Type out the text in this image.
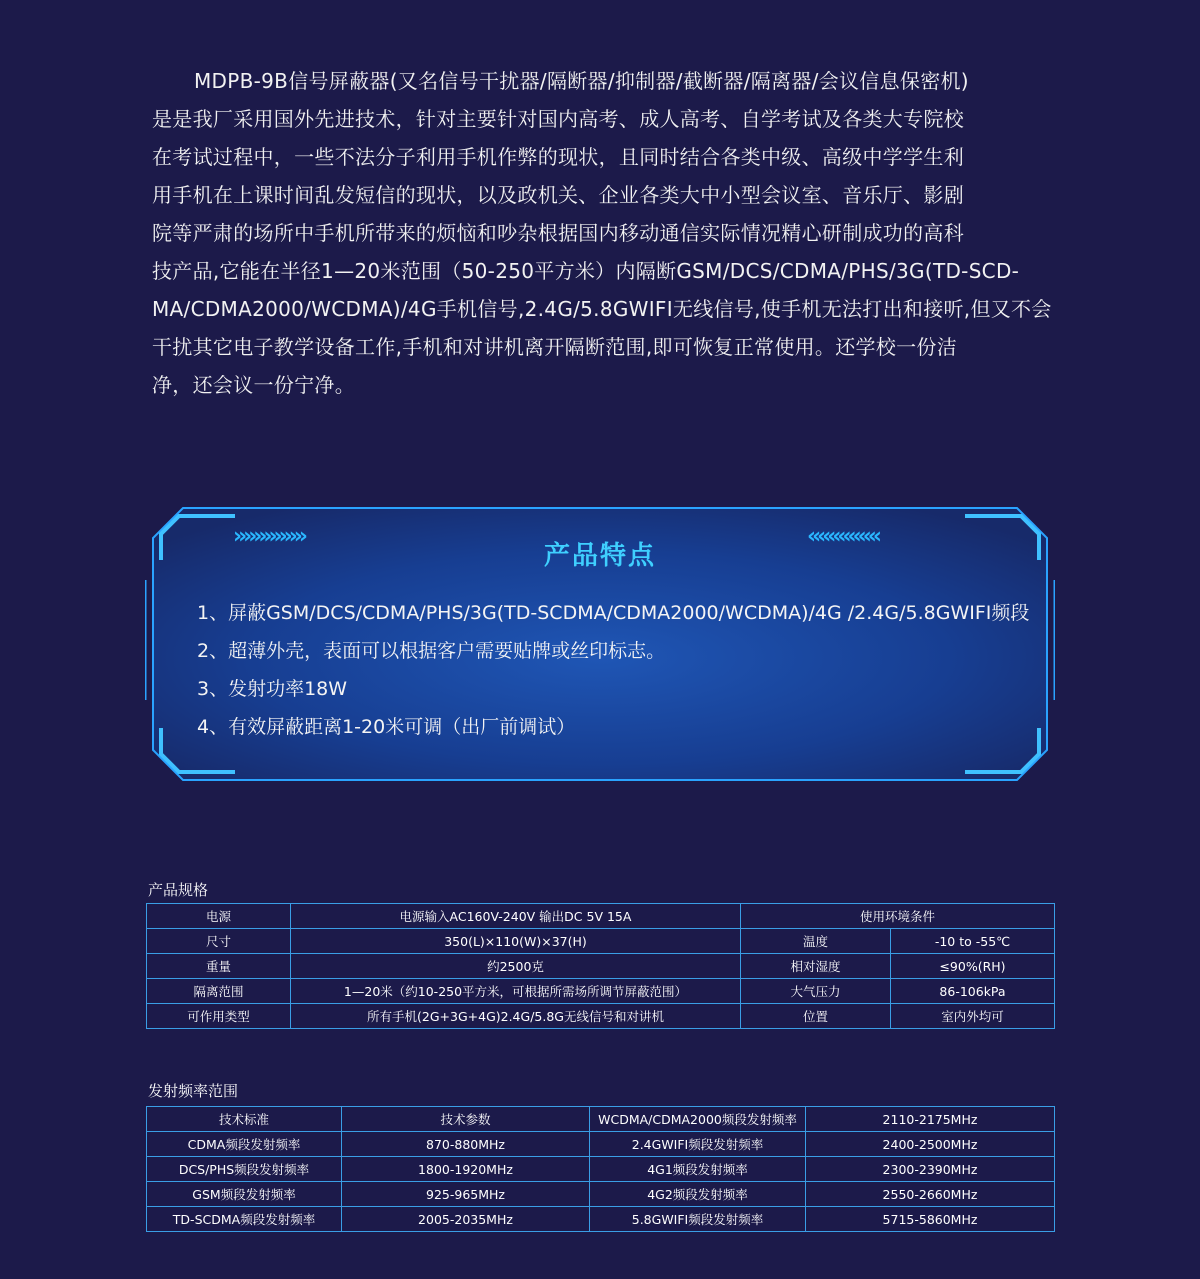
MDPB-9B信号屏蔽器(又名信号干扰器/隔断器/抑制器/截断器/隔离器/会议信息保密机)
是是我厂采用国外先进技术，针对主要针对国内高考、成人高考、自学考试及各类大专院校
在考试过程中，一些不法分子利用手机作弊的现状，且同时结合各类中级、高级中学学生利
用手机在上课时间乱发短信的现状，以及政机关、企业各类大中小型会议室、音乐厅、影剧
院等严肃的场所中手机所带来的烦恼和吵杂根据国内移动通信实际情况精心研制成功的高科
技产品,它能在半径1—20米范围（50-250平方米）内隔断GSM/DCS/CDMA/PHS/3G(TD-SCD-
MA/CDMA2000/WCDMA)/4G手机信号,2.4G/5.8GWIFI无线信号,使手机无法打出和接听,但又不会
干扰其它电子教学设备工作,手机和对讲机离开隔断范围,即可恢复正常使用。还学校一份洁
净，还会议一份宁净。
››››››››››››››	‹‹‹‹‹‹‹‹‹‹‹‹‹‹
产品特点
1、屏蔽GSM/DCS/CDMA/PHS/3G(TD-SCDMA/CDMA2000/WCDMA)/4G /2.4G/5.8GWIFI频段
2、超薄外壳，表面可以根据客户需要贴牌或丝印标志。
3、发射功率18W
4、有效屏蔽距离1-20米可调（出厂前调试）
产品规格
电源	电源输入AC160V-240V 输出DC 5V 15A	使用环境条件	
尺寸	350(L)×110(W)×37(H)	温度	-10 to -55℃
重量	约2500克	相对湿度	≤90%(RH)
隔离范围	1—20米（约10-250平方米，可根据所需场所调节屏蔽范围）	大气压力	86-106kPa
可作用类型	所有手机(2G+3G+4G)2.4G/5.8G无线信号和对讲机	位置	室内外均可
发射频率范围
技术标准	技术参数	WCDMA/CDMA2000频段发射频率	2110-2175MHz
CDMA频段发射频率	870-880MHz	2.4GWIFI频段发射频率	2400-2500MHz
DCS/PHS频段发射频率	1800-1920MHz	4G1频段发射频率	2300-2390MHz
GSM频段发射频率	925-965MHz	4G2频段发射频率	2550-2660MHz
TD-SCDMA频段发射频率	2005-2035MHz	5.8GWIFI频段发射频率	5715-5860MHz
